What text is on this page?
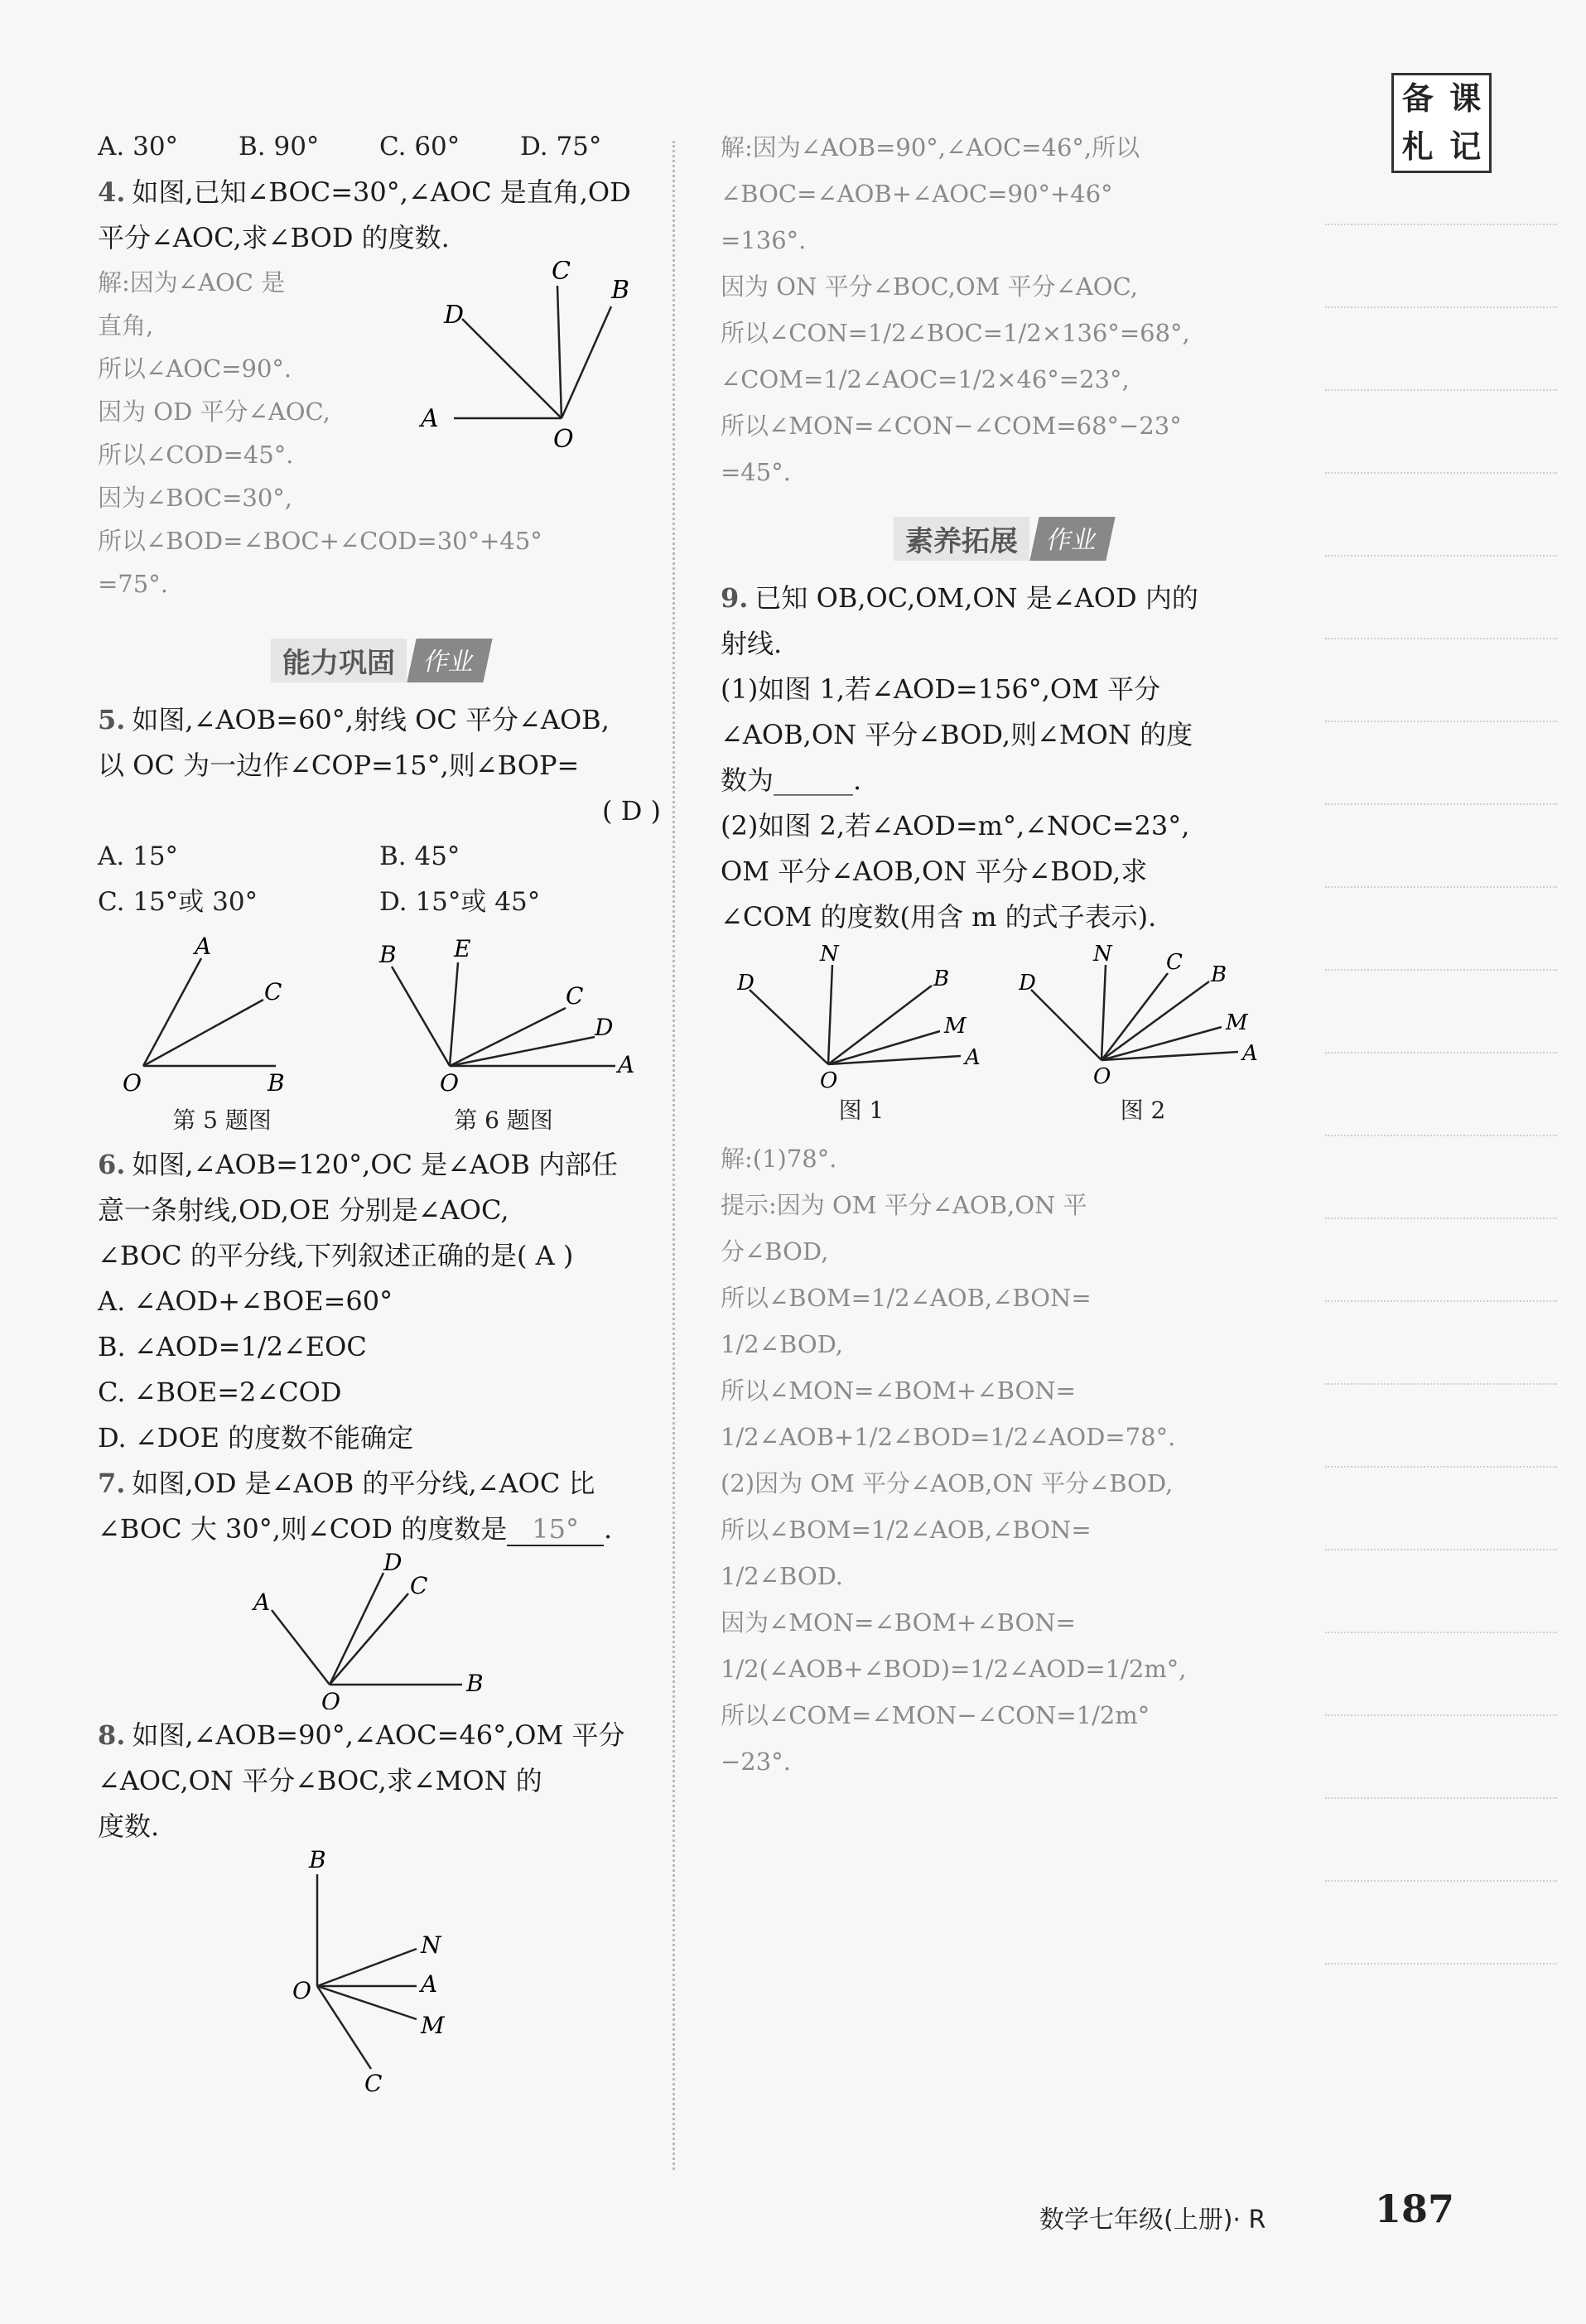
备 课
札 记
A. 30°	B. 90°	C. 60°	D. 75°
4. 如图,已知∠BOC=30°,∠AOC 是直角,OD
平分∠AOC,求∠BOD 的度数.
解:因为∠AOC 是
直角,
所以∠AOC=90°.
因为 OD 平分∠AOC,
所以∠COD=45°.
因为∠BOC=30°,
所以∠BOD=∠BOC+∠COD=30°+45°
=75°.
C
B
D
A
O
能力巩固	作业
5. 如图,∠AOB=60°,射线 OC 平分∠AOB,
以 OC 为一边作∠COP=15°,则∠BOP=
( D )
A. 15°	B. 45°
C. 15°或 30°	D. 15°或 45°
A
C
O	B
第 5 题图
B E
C
D
O
A
第 6 题图
6. 如图,∠AOB=120°,OC 是∠AOB 内部任
意一条射线,OD,OE 分别是∠AOC,
∠BOC 的平分线,下列叙述正确的是( A )
A. ∠AOD+∠BOE=60°
B. ∠AOD=1/2∠EOC
C. ∠BOE=2∠COD
D. ∠DOE 的度数不能确定
7. 如图,OD 是∠AOB 的平分线,∠AOC 比
∠BOC 大 30°,则∠COD 的度数是 15° .
D
C
A
O
B
8. 如图,∠AOB=90°,∠AOC=46°,OM 平分
∠AOC,ON 平分∠BOC,求∠MON 的
度数.
B
N
O	A
M
C
解:因为∠AOB=90°,∠AOC=46°,所以
∠BOC=∠AOB+∠AOC=90°+46°
=136°.
因为 ON 平分∠BOC,OM 平分∠AOC,
所以∠CON=1/2∠BOC=1/2×136°=68°,
∠COM=1/2∠AOC=1/2×46°=23°,
所以∠MON=∠CON−∠COM=68°−23°
=45°.
素养拓展	作业
9. 已知 OB,OC,OM,ON 是∠AOD 内的
射线.
(1)如图 1,若∠AOD=156°,OM 平分
∠AOB,ON 平分∠BOD,则∠MON 的度
数为______.
(2)如图 2,若∠AOD=m°,∠NOC=23°,
OM 平分∠AOB,ON 平分∠BOD,求
∠COM 的度数(用含 m 的式子表示).
N
B
D
M
O
A
图 1
N	C B
D
M
O
A
图 2
解:(1)78°.
提示:因为 OM 平分∠AOB,ON 平
分∠BOD,
所以∠BOM=1/2∠AOB,∠BON=
1/2∠BOD,
所以∠MON=∠BOM+∠BON=
1/2∠AOB+1/2∠BOD=1/2∠AOD=78°.
(2)因为 OM 平分∠AOB,ON 平分∠BOD,
所以∠BOM=1/2∠AOB,∠BON=
1/2∠BOD.
因为∠MON=∠BOM+∠BON=
1/2(∠AOB+∠BOD)=1/2∠AOD=1/2m°,
所以∠COM=∠MON−∠CON=1/2m°
−23°.
数学七年级(上册)· R	187
